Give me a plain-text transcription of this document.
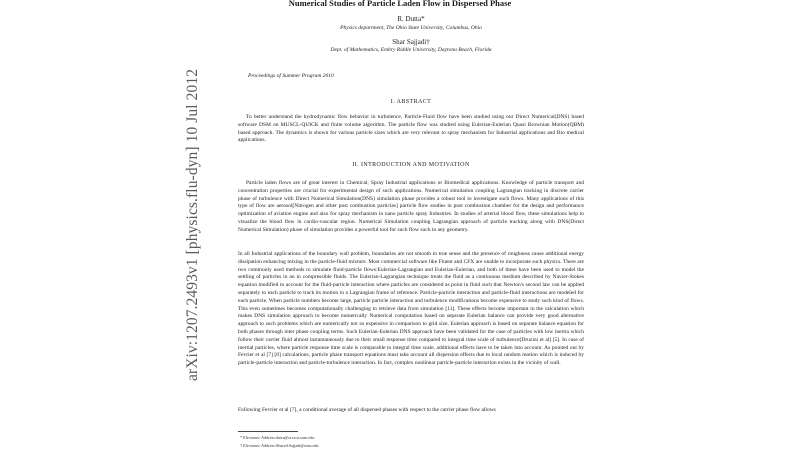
Numerical Studies of Particle Laden Flow in Dispersed Phase
R. Dutta*
Physics department, The Ohio State University, Columbus, Ohio
Shar Sajjadi†
Dept. of Mathematics, Embry Riddle University, Daytona Beach, Florida
arXiv:1207.2493v1 [physics.flu-dyn] 10 Jul 2012	Proceedings of Summer Program 2010
I. ABSTRACT
To better understand the hydrodynamic flow behavior in turbulence, Particle-Fluid flow have been studied using our Direct Numerical(DNS) based software DSM on MUSCL-QUICK and finite volume algorithm. The particle flow was studied using Eulerian-Eulerian Quasi Brownian Motion(QBM) based approach. The dynamics is shown for various particle sizes which are very relevant to spray mechanism for Industrial applications and Bio medical applications.
II. INTRODUCTION AND MOTIVATION
Particle laden flows are of great interest in Chemical, Spray Industrial applications or Biomedical applications. Knowledge of particle transport and concentration properties are crucial for experimental design of such applications. Numerical simulation coupling Lagrangian tracking in discrete carrier phase of turbulence with Direct Numerical Simulation(DNS) simulation phase provides a robust tool to investigate such flows. Many applications of this type of flow are aerosol[Nitrogen and other post combustion particles] particle flow studies in post combustion chamber for the design and performance optimization of aviation engine and also for spray mechanism in nano particle spray Industries. In studies of arterial blood flow, these simulations help to visualize the blood flow in cardio-vascular region. Numerical Simulation coupling Lagrangian approach of particle tracking along with DNS(Direct Numerical Simulation) phase of simulation provides a powerful tool for such flow such in any geometry.
In all Industrial applications of the boundary wall problem, boundaries are not smooth in true sense and the presence of roughness cause additional energy dissipation enhancing mixing in the particle-fluid mixture. Most commercial software like Fluent and CFX are unable to incorporate such physics. There are two commonly used methods to simulate fluid-particle flows:Eulerian-Lagrangian and Eulerian-Eulerian, and both of these have been used to model the settling of particles in an in compressible fluids. The Eulerian-Lagrangian technique treats the fluid as a continuous medium described by Navier-Stokes equation modified to account for the fluid-particle interaction where particles are considered as point in fluid such that Newton's second law can be applied separately to each particle to track its motion in a Lagrangian frame of reference. Particle-particle interaction and particle-fluid interactions are modeled for each particle. When particle numbers become large, particle particle interaction and turbulence modifications become expensive to study such kind of flows. This even sometimes becomes computationally challenging to retrieve data from simulation [11]. These effects become important in the calculation which makes DNS simulation approach to become numerically Numerical computation based on separate Eulerian balance can provide very good alternative approach to such problems which are numerically not so expensive in comparison to grid size. Eulerian approach is based on separate balance equation for both phases through inter phase coupling terms. Such Eulerian-Eulerian DNS approach have been validated for the case of particles with low inertia which follow their carrier fluid almost instantaneously due to their small response time compared to integral time scale of turbulence[Druzini et al] [5]. In case of inertial particles, where particle response time scale is comparable to integral time scale, additional effects have to be taken into account. As pointed out by Fevrier et al [7] [8] calculations, particle phase transport equations must take account all dispersion effects due to local random motion which is induced by particle-particle interaction and particle-turbulence interaction. In fact, complex nonlinear particle-particle interaction exists in the vicinity of wall.
Following Fevrier et al [7], a conditional average of all dispersed phases with respect to the carrier phase flow allows
* Electronic Address:dutta@orca.st.usm.edu
† Electronic Address:Shared.Sajjadi@erau.edu
